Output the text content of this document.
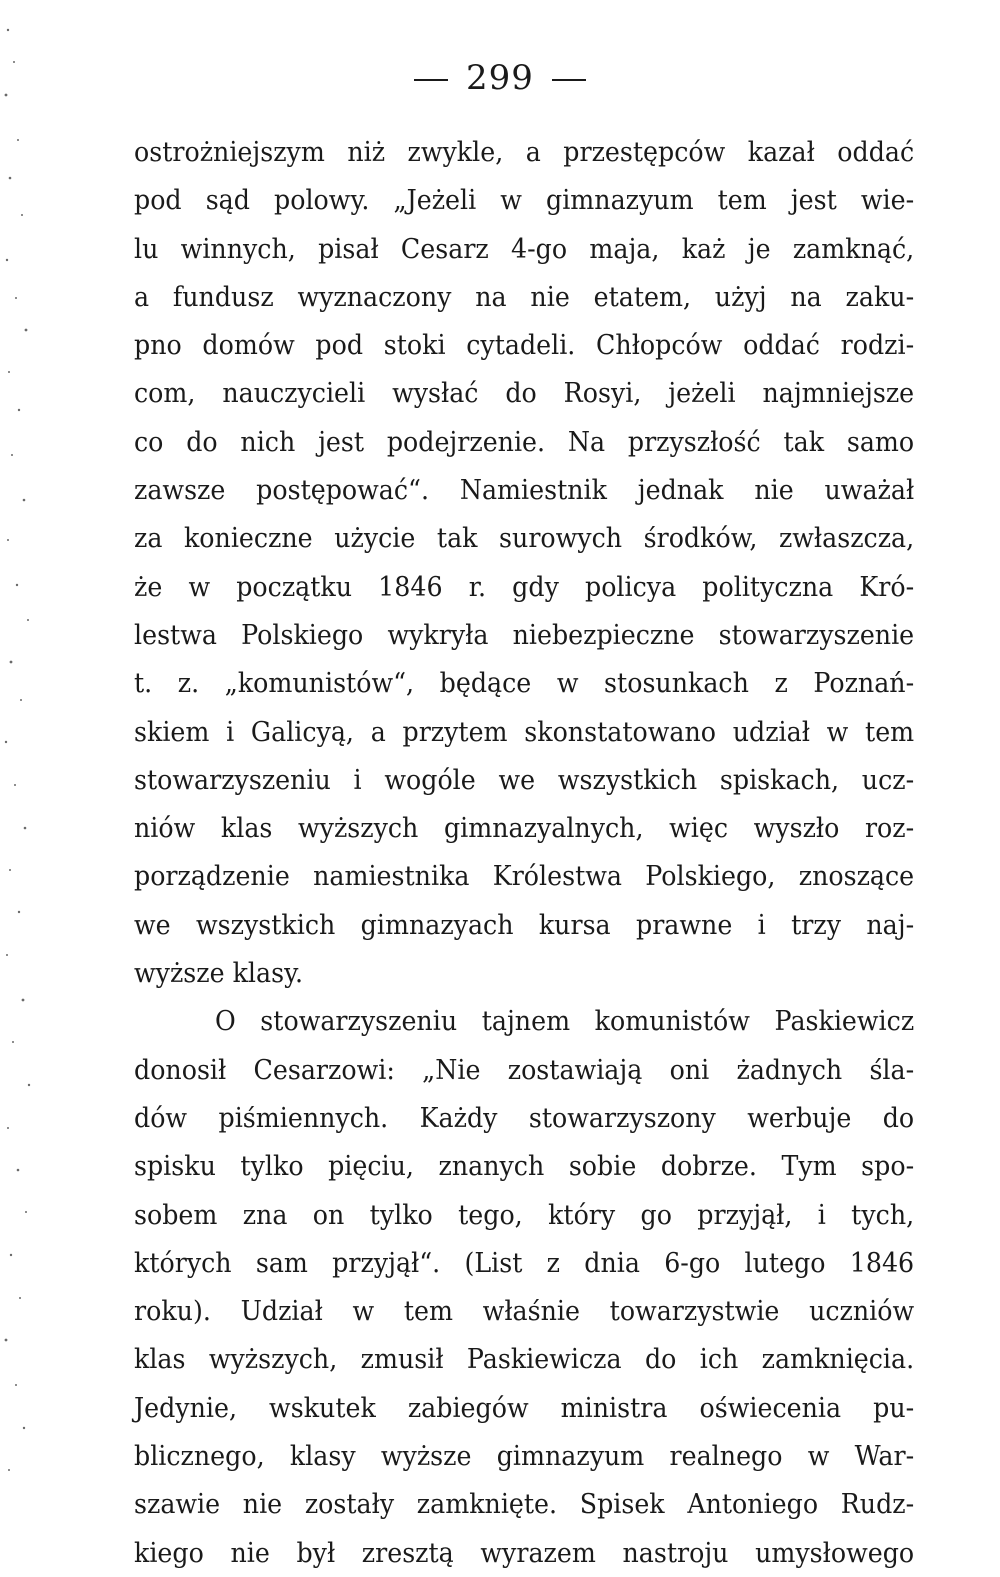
299
ostrożniejszym niż zwykle, a przestępców kazał oddać
pod sąd polowy. „Jeżeli w gimnazyum tem jest wie-
lu winnych, pisał Cesarz 4-go maja, każ je zamknąć,
a fundusz wyznaczony na nie etatem, użyj na zaku-
pno domów pod stoki cytadeli. Chłopców oddać rodzi-
com, nauczycieli wysłać do Rosyi, jeżeli najmniejsze
co do nich jest podejrzenie. Na przyszłość tak samo
zawsze postępować“. Namiestnik jednak nie uważał
za konieczne użycie tak surowych środków, zwłaszcza,
że w początku 1846 r. gdy policya polityczna Kró-
lestwa Polskiego wykryła niebezpieczne stowarzyszenie
t. z. „komunistów“, będące w stosunkach z Poznań-
skiem i Galicyą, a przytem skonstatowano udział w tem
stowarzyszeniu i wogóle we wszystkich spiskach, ucz-
niów klas wyższych gimnazyalnych, więc wyszło roz-
porządzenie namiestnika Królestwa Polskiego, znoszące
we wszystkich gimnazyach kursa prawne i trzy naj-
wyższe klasy.
O stowarzyszeniu tajnem komunistów Paskiewicz
donosił Cesarzowi: „Nie zostawiają oni żadnych śla-
dów piśmiennych. Każdy stowarzyszony werbuje do
spisku tylko pięciu, znanych sobie dobrze. Tym spo-
sobem zna on tylko tego, który go przyjął, i tych,
których sam przyjął“. (List z dnia 6-go lutego 1846
roku). Udział w tem właśnie towarzystwie uczniów
klas wyższych, zmusił Paskiewicza do ich zamknięcia.
Jedynie, wskutek zabiegów ministra oświecenia pu-
blicznego, klasy wyższe gimnazyum realnego w War-
szawie nie zostały zamknięte. Spisek Antoniego Rudz-
kiego nie był zresztą wyrazem nastroju umysłowego
